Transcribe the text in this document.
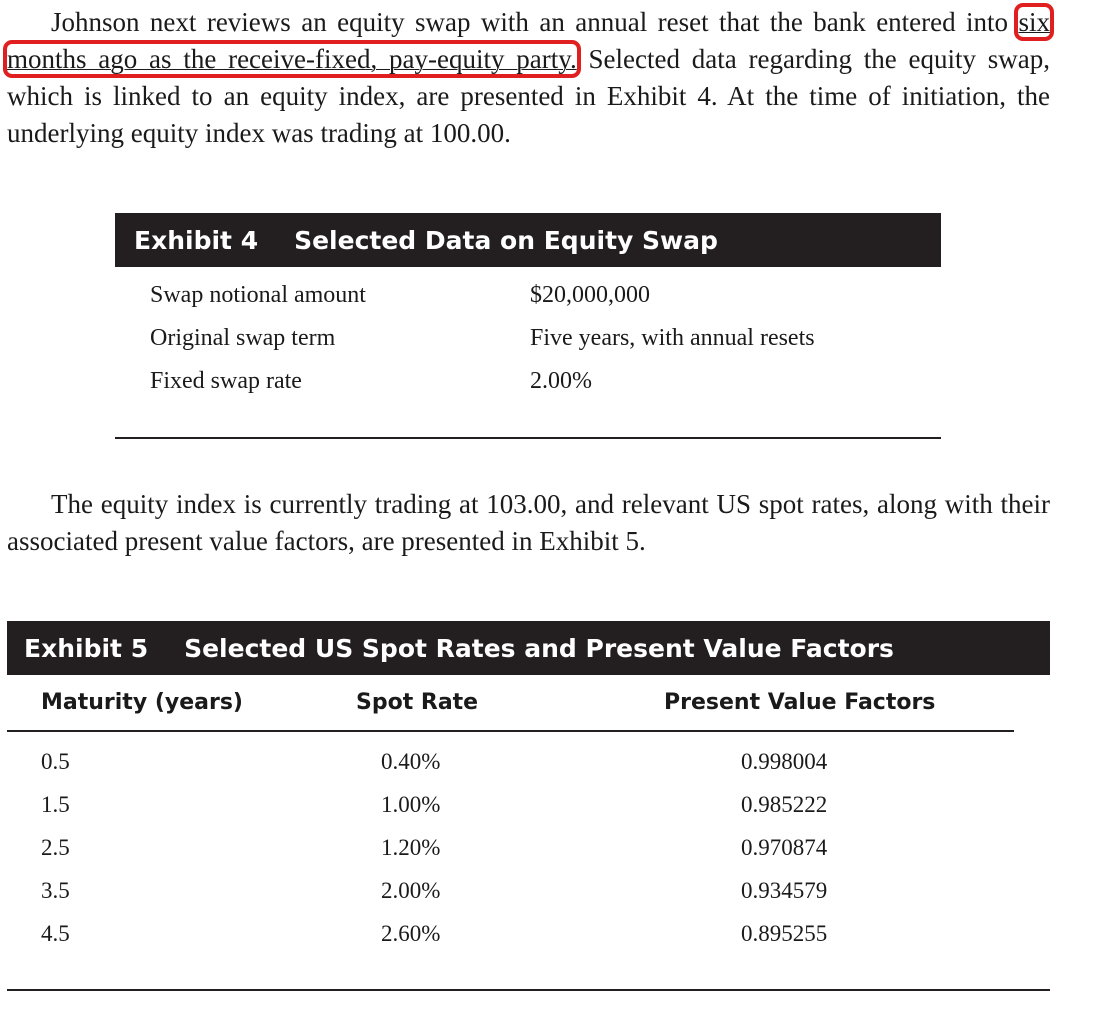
Johnson next reviews an equity swap with an annual reset that the bank entered into six months ago as the receive-fixed, pay-equity party. Selected data regarding the equity swap, which is linked to an equity index, are presented in Exhibit 4. At the time of initiation, the underlying equity index was trading at 100.00.

Exhibit 4 Selected Data on Equity Swap
Swap notional amount	$20,000,000
Original swap term	Five years, with annual resets
Fixed swap rate	2.00%

The equity index is currently trading at 103.00, and relevant US spot rates, along with their associated present value factors, are presented in Exhibit 5.

Exhibit 5 Selected US Spot Rates and Present Value Factors
Maturity (years)	Spot Rate	Present Value Factors
0.5	0.40%	0.998004
1.5	1.00%	0.985222
2.5	1.20%	0.970874
3.5	2.00%	0.934579
4.5	2.60%	0.895255
